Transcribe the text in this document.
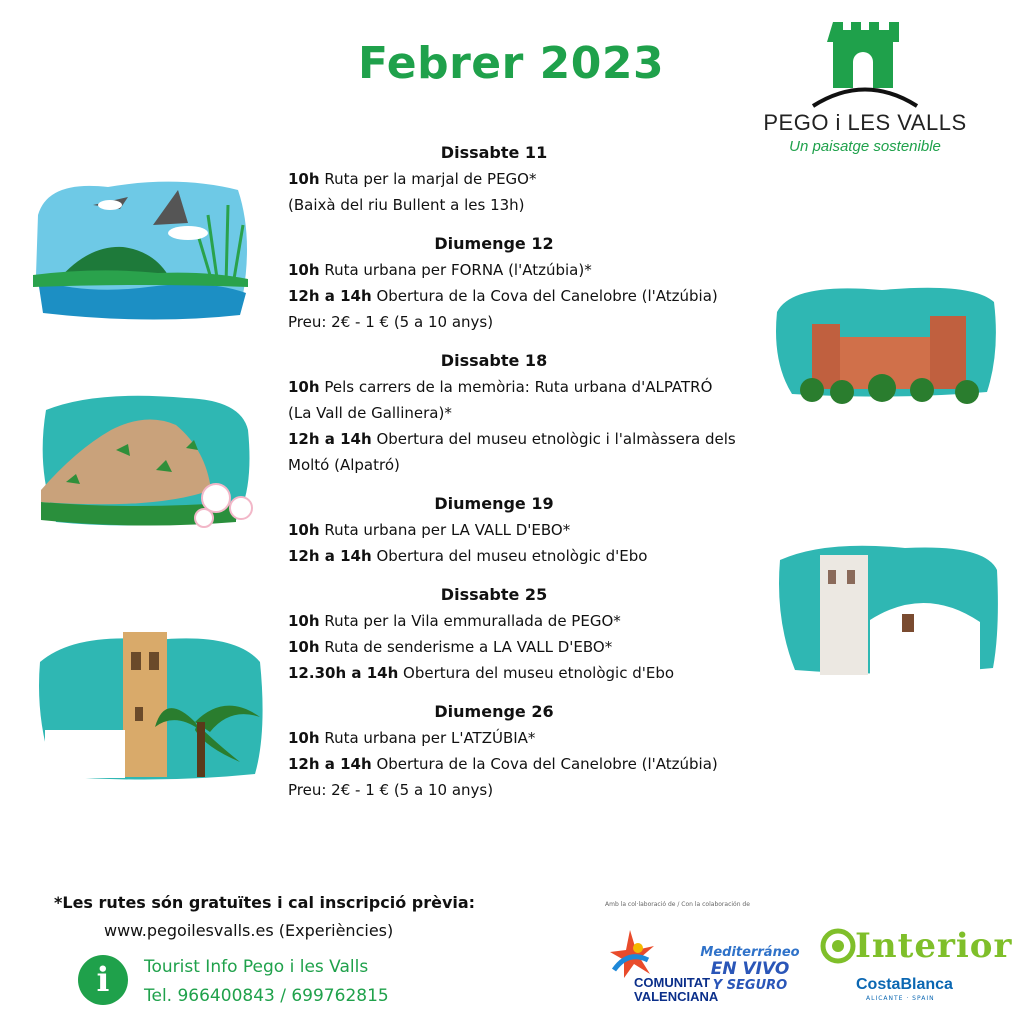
Febrer 2023
PEGO i LES VALLS
Un paisatge sostenible
Dissabte 11
10h Ruta per la marjal de PEGO*
(Baixà del riu Bullent a les 13h)
Diumenge 12
10h Ruta urbana per FORNA (l'Atzúbia)*
12h a 14h Obertura de la Cova del Canelobre (l'Atzúbia)
Preu: 2€ - 1 € (5 a 10 anys)
Dissabte 18
10h Pels carrers de la memòria: Ruta urbana d'ALPATRÓ
(La Vall de Gallinera)*
12h a 14h Obertura del museu etnològic i l'almàssera dels
Moltó (Alpatró)
Diumenge 19
10h Ruta urbana per LA VALL D'EBO*
12h a 14h Obertura del museu etnològic d'Ebo
Dissabte 25
10h Ruta per la Vila emmurallada de PEGO*
10h Ruta de senderisme a LA VALL D'EBO*
12.30h a 14h Obertura del museu etnològic d'Ebo
Diumenge 26
10h Ruta urbana per L'ATZÚBIA*
12h a 14h Obertura de la Cova del Canelobre (l'Atzúbia)
Preu: 2€ - 1 € (5 a 10 anys)
*Les rutes són gratuïtes i cal inscripció prèvia:
www.pegoilesvalls.es (Experiències)
i	Tourist Info Pego i les Valls
Tel. 966400843 / 699762815
Amb la col·laboració de / Con la colaboración de
COMUNITAT
VALENCIANA
Mediterráneo
EN VIVO
Y SEGURO
Interior
CostaBlanca
ALICANTE · SPAIN
